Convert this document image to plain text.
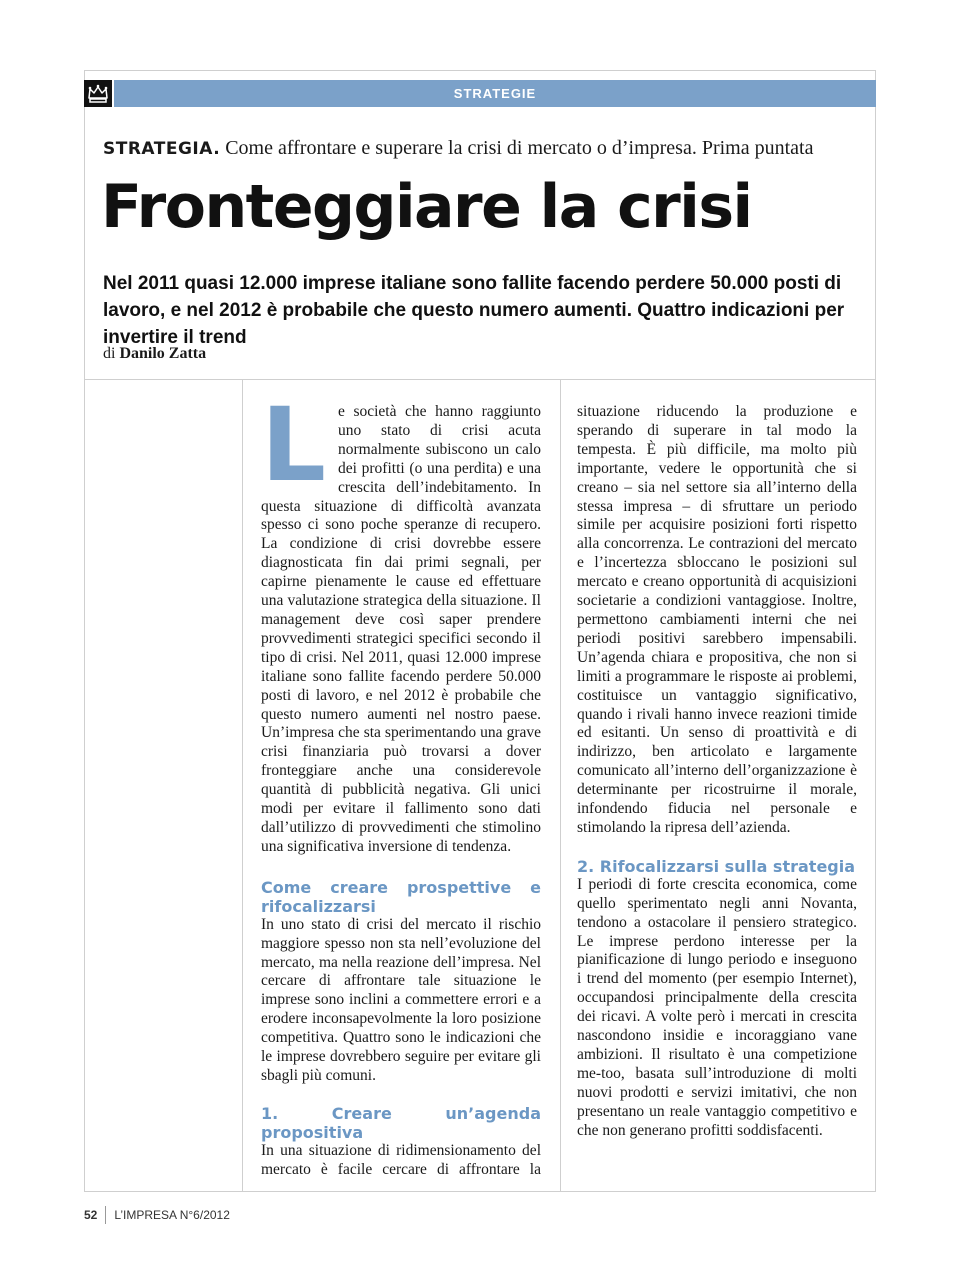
STRATEGIE
STRATEGIA. Come affrontare e superare la crisi di mercato o d’impresa. Prima puntata
Fronteggiare la crisi

Nel 2011 quasi 12.000 imprese italiane sono fallite facendo perdere 50.000 posti di lavoro, e nel 2012 è probabile che questo numero aumenti. Quattro indicazioni per invertire il trend

di Danilo Zatta

Le società che hanno raggiunto uno stato di crisi acuta normalmente subiscono un calo dei profitti (o una perdita) e una crescita dell’indebitamento. In questa situazione di difficoltà avanzata spesso ci sono poche speranze di recupero. La condizione di crisi dovrebbe essere diagnosticata fin dai primi segnali, per capirne pienamente le cause ed effettuare una valutazione strategica della situazione. Il management deve così saper prendere provvedimenti strategici specifici secondo il tipo di crisi. Nel 2011, quasi 12.000 imprese italiane sono fallite facendo perdere 50.000 posti di lavoro, e nel 2012 è probabile che questo numero aumenti nel nostro paese. Un’impresa che sta sperimentando una grave crisi finanziaria può trovarsi a dover fronteggiare anche una considerevole quantità di pubblicità negativa. Gli unici modi per evitare il fallimento sono dati dall’utilizzo di provvedimenti che stimolino una significativa inversione di tendenza.

Come creare prospettive e rifocalizzarsi

In uno stato di crisi del mercato il rischio maggiore spesso non sta nell’evoluzione del mercato, ma nella reazione dell’impresa. Nel cercare di affrontare tale situazione le imprese sono inclini a commettere errori e a erodere inconsapevolmente la loro posizione competitiva. Quattro sono le indicazioni che le imprese dovrebbero seguire per evitare gli sbagli più comuni.

1. Creare un’agenda propositiva

In una situazione di ridimensionamento del mercato è facile cercare di affrontare la

situazione riducendo la produzione e sperando di superare in tal modo la tempesta. È più difficile, ma molto più importante, vedere le opportunità che si creano – sia nel settore sia all’interno della stessa impresa – di sfruttare un periodo simile per acquisire posizioni forti rispetto alla concorrenza. Le contrazioni del mercato e l’incertezza sbloccano le posizioni sul mercato e creano opportunità di acquisizioni societarie a condizioni vantaggiose. Inoltre, permettono cambiamenti interni che nei periodi positivi sarebbero impensabili. Un’agenda chiara e propositiva, che non si limiti a programmare le risposte ai problemi, costituisce un vantaggio significativo, quando i rivali hanno invece reazioni timide ed esitanti. Un senso di proattività e di indirizzo, ben articolato e largamente comunicato all’interno dell’organizzazione è determinante per ricostruirne il morale, infondendo fiducia nel personale e stimolando la ripresa dell’azienda.

2. Rifocalizzarsi sulla strategia

I periodi di forte crescita economica, come quello sperimentato negli anni Novanta, tendono a ostacolare il pensiero strategico. Le imprese perdono interesse per la pianificazione di lungo periodo e inseguono i trend del momento (per esempio Internet), occupandosi principalmente della crescita dei ricavi. A volte però i mercati in crescita nascondono insidie e incoraggiano vane ambizioni. Il risultato è una competizione me-too, basata sull’introduzione di molti nuovi prodotti e servizi imitativi, che non presentano un reale vantaggio competitivo e che non generano profitti soddisfacenti.

52 L’IMPRESA N°6/2012
